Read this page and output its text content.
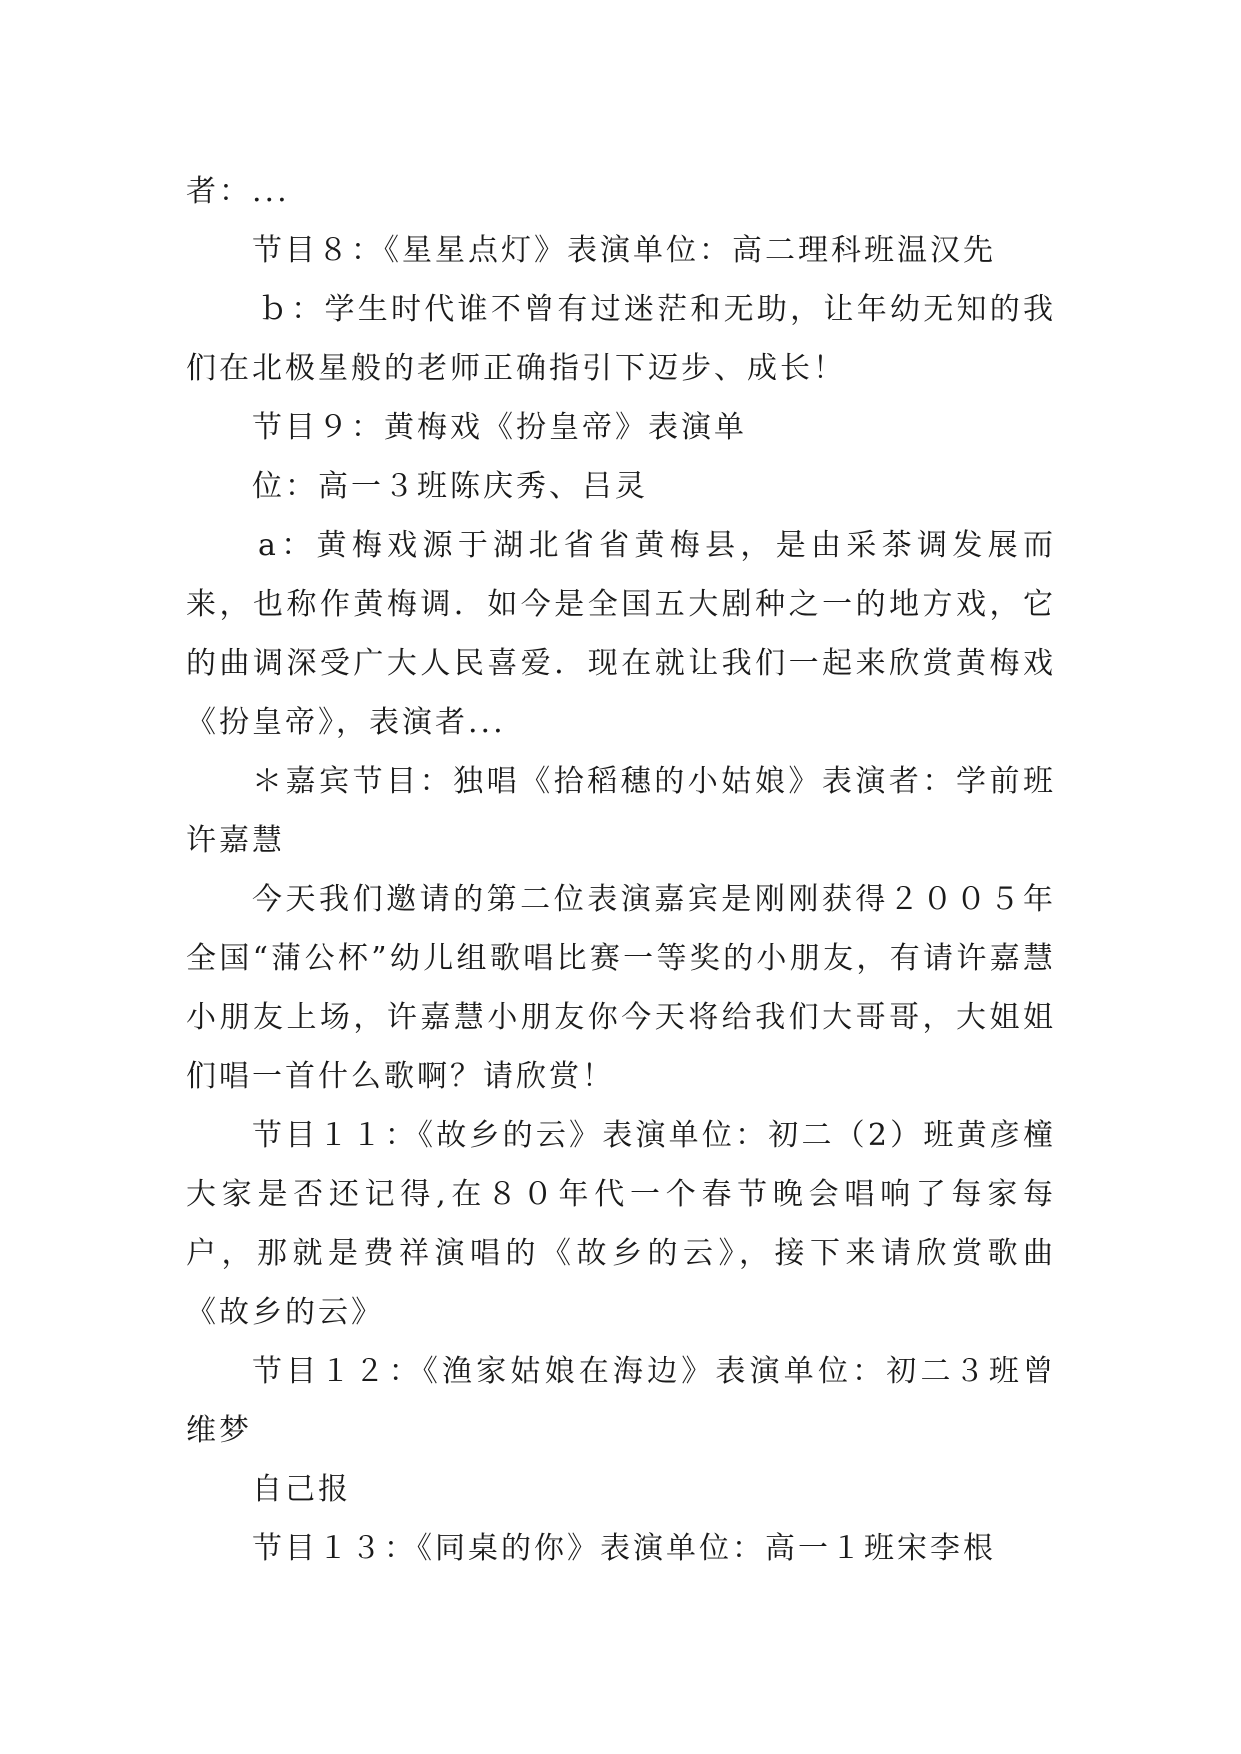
者：...

节目８：《星星点灯》表演单位：高二理科班温汉先

ｂ：学生时代谁不曾有过迷茫和无助，让年幼无知的我们在北极星般的老师正确指引下迈步、成长！

节目９：黄梅戏《扮皇帝》表演单

位：高一３班陈庆秀、吕灵

a：黄梅戏源于湖北省省黄梅县，是由采茶调发展而来，也称作黄梅调．如今是全国五大剧种之一的地方戏，它的曲调深受广大人民喜爱．现在就让我们一起来欣赏黄梅戏《扮皇帝》，表演者...

＊嘉宾节目：独唱《拾稻穗的小姑娘》表演者：学前班许嘉慧

今天我们邀请的第二位表演嘉宾是刚刚获得２００５年全国“蒲公杯”幼儿组歌唱比赛一等奖的小朋友，有请许嘉慧小朋友上场，许嘉慧小朋友你今天将给我们大哥哥，大姐姐们唱一首什么歌啊？请欣赏！

节目１１：《故乡的云》表演单位：初二（2）班黄彦橦大家是否还记得,在８０年代一个春节晚会唱响了每家每户，那就是费祥演唱的《故乡的云》，接下来请欣赏歌曲《故乡的云》

节目１２：《渔家姑娘在海边》表演单位：初二３班曾维梦

自己报

节目１３：《同桌的你》表演单位：高一１班宋李根
